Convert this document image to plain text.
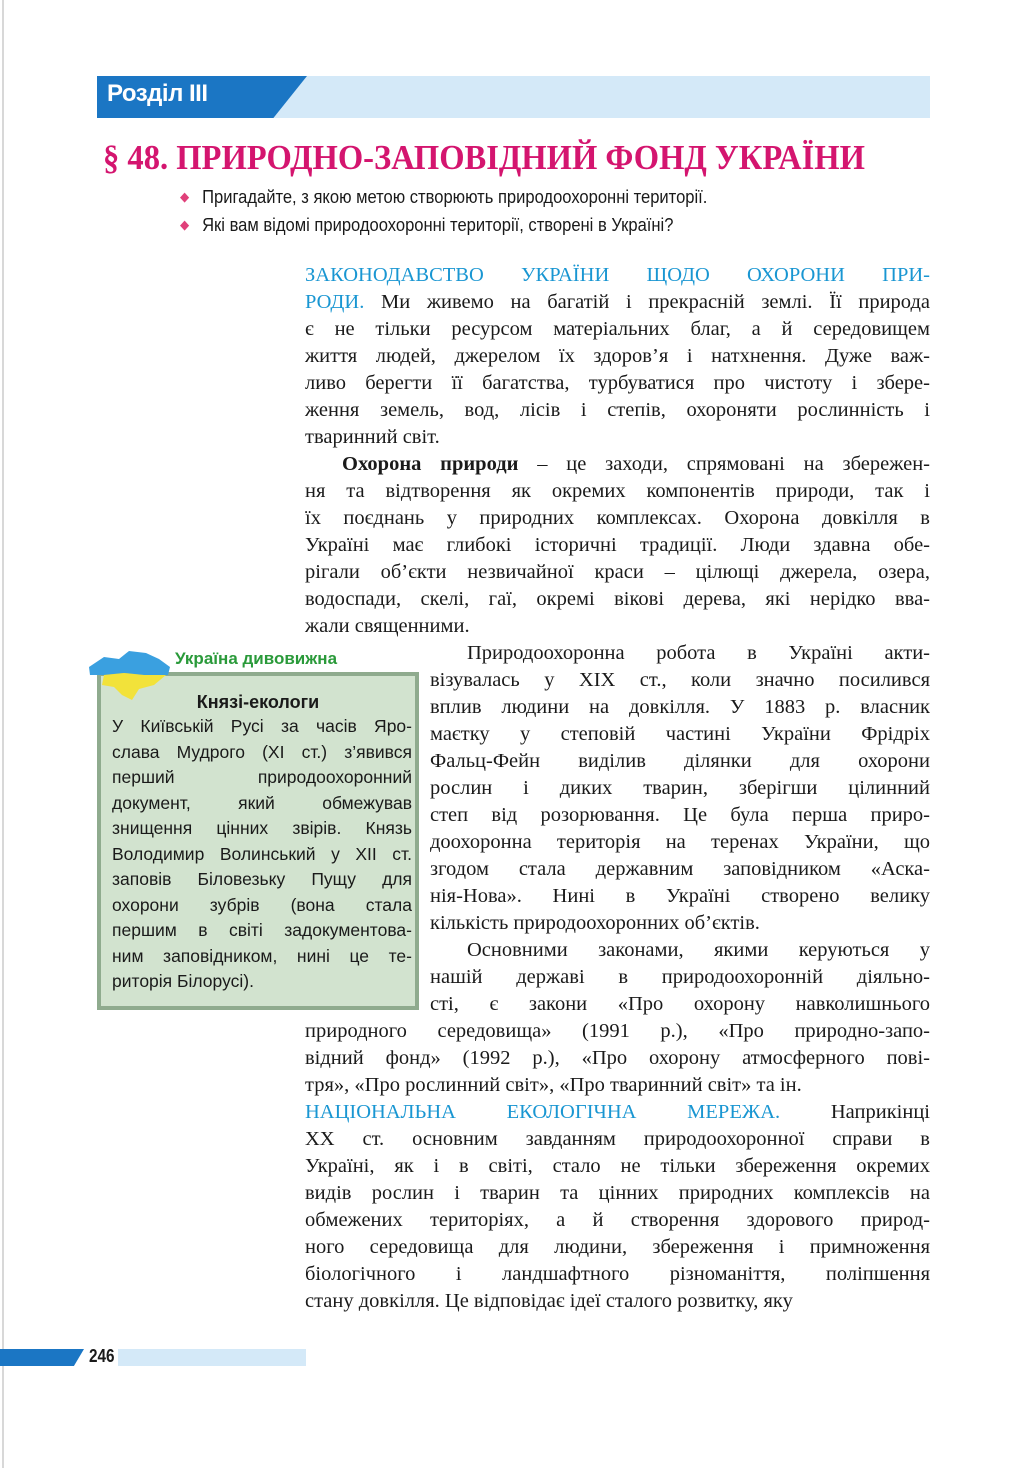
Розділ III
§ 48. ПРИРОДНО-ЗАПОВІДНИЙ ФОНД УКРАЇНИ
◆ Пригадайте, з якою метою створюють природоохоронні території.
◆ Які вам відомі природоохоронні території, створені в Україні?
ЗАКОНОДАВСТВО УКРАЇНИ ЩОДО ОХОРОНИ ПРИ-
РОДИ. Ми живемо на багатій і прекрасній землі. Її природа
є не тільки ресурсом матеріальних благ, а й середовищем
життя людей, джерелом їх здоров’я і натхнення. Дуже важ-
ливо берегти її багатства, турбуватися про чистоту і збере-
ження земель, вод, лісів і степів, охороняти рослинність і
тваринний світ.
Охорона природи – це заходи, спрямовані на збережен-
ня та відтворення як окремих компонентів природи, так і
їх поєднань у природних комплексах. Охорона довкілля в
Україні має глибокі історичні традиції. Люди здавна обе-
рігали об’єкти незвичайної краси – цілющі джерела, озера,
водоспади, скелі, гаї, окремі вікові дерева, які нерідко вва-
жали священними.
Природоохоронна робота в Україні акти-
візувалась у XIX ст., коли значно посилився
вплив людини на довкілля. У 1883 р. власник
маєтку у степовій частині України Фрідріх
Фальц-Фейн виділив ділянки для охорони
рослин і диких тварин, зберігши цілинний
степ від розорювання. Це була перша приро-
доохоронна територія на теренах України, що
згодом стала державним заповідником «Аска-
нія-Нова». Нині в Україні створено велику
кількість природоохоронних об’єктів.
Основними законами, якими керуються у
нашій державі в природоохоронній діяльно-
сті, є закони «Про охорону навколишнього
природного середовища» (1991 р.), «Про природно-запо-
відний фонд» (1992 р.), «Про охорону атмосферного пові-
тря», «Про рослинний світ», «Про тваринний світ» та ін.
НАЦІОНАЛЬНА ЕКОЛОГІЧНА МЕРЕЖА. Наприкінці
XX ст. основним завданням природоохоронної справи в
Україні, як і в світі, стало не тільки збереження окремих
видів рослин і тварин та цінних природних комплексів на
обмежених територіях, а й створення здорового природ-
ного середовища для людини, збереження і примноження
біологічного і ландшафтного різноманіття, поліпшення
стану довкілля. Це відповідає ідеї сталого розвитку, яку
Князі-екологи
У Київській Русі за часів Яро-
слава Мудрого (XI ст.) з’явився
перший природоохоронний
документ, який обмежував
знищення цінних звірів. Князь
Володимир Волинський у XII ст.
заповів Біловезьку Пущу для
охорони зубрів (вона стала
першим в світі задокументова-
ним заповідником, нині це те-
риторія Білорусі).
Україна дивовижна
246
